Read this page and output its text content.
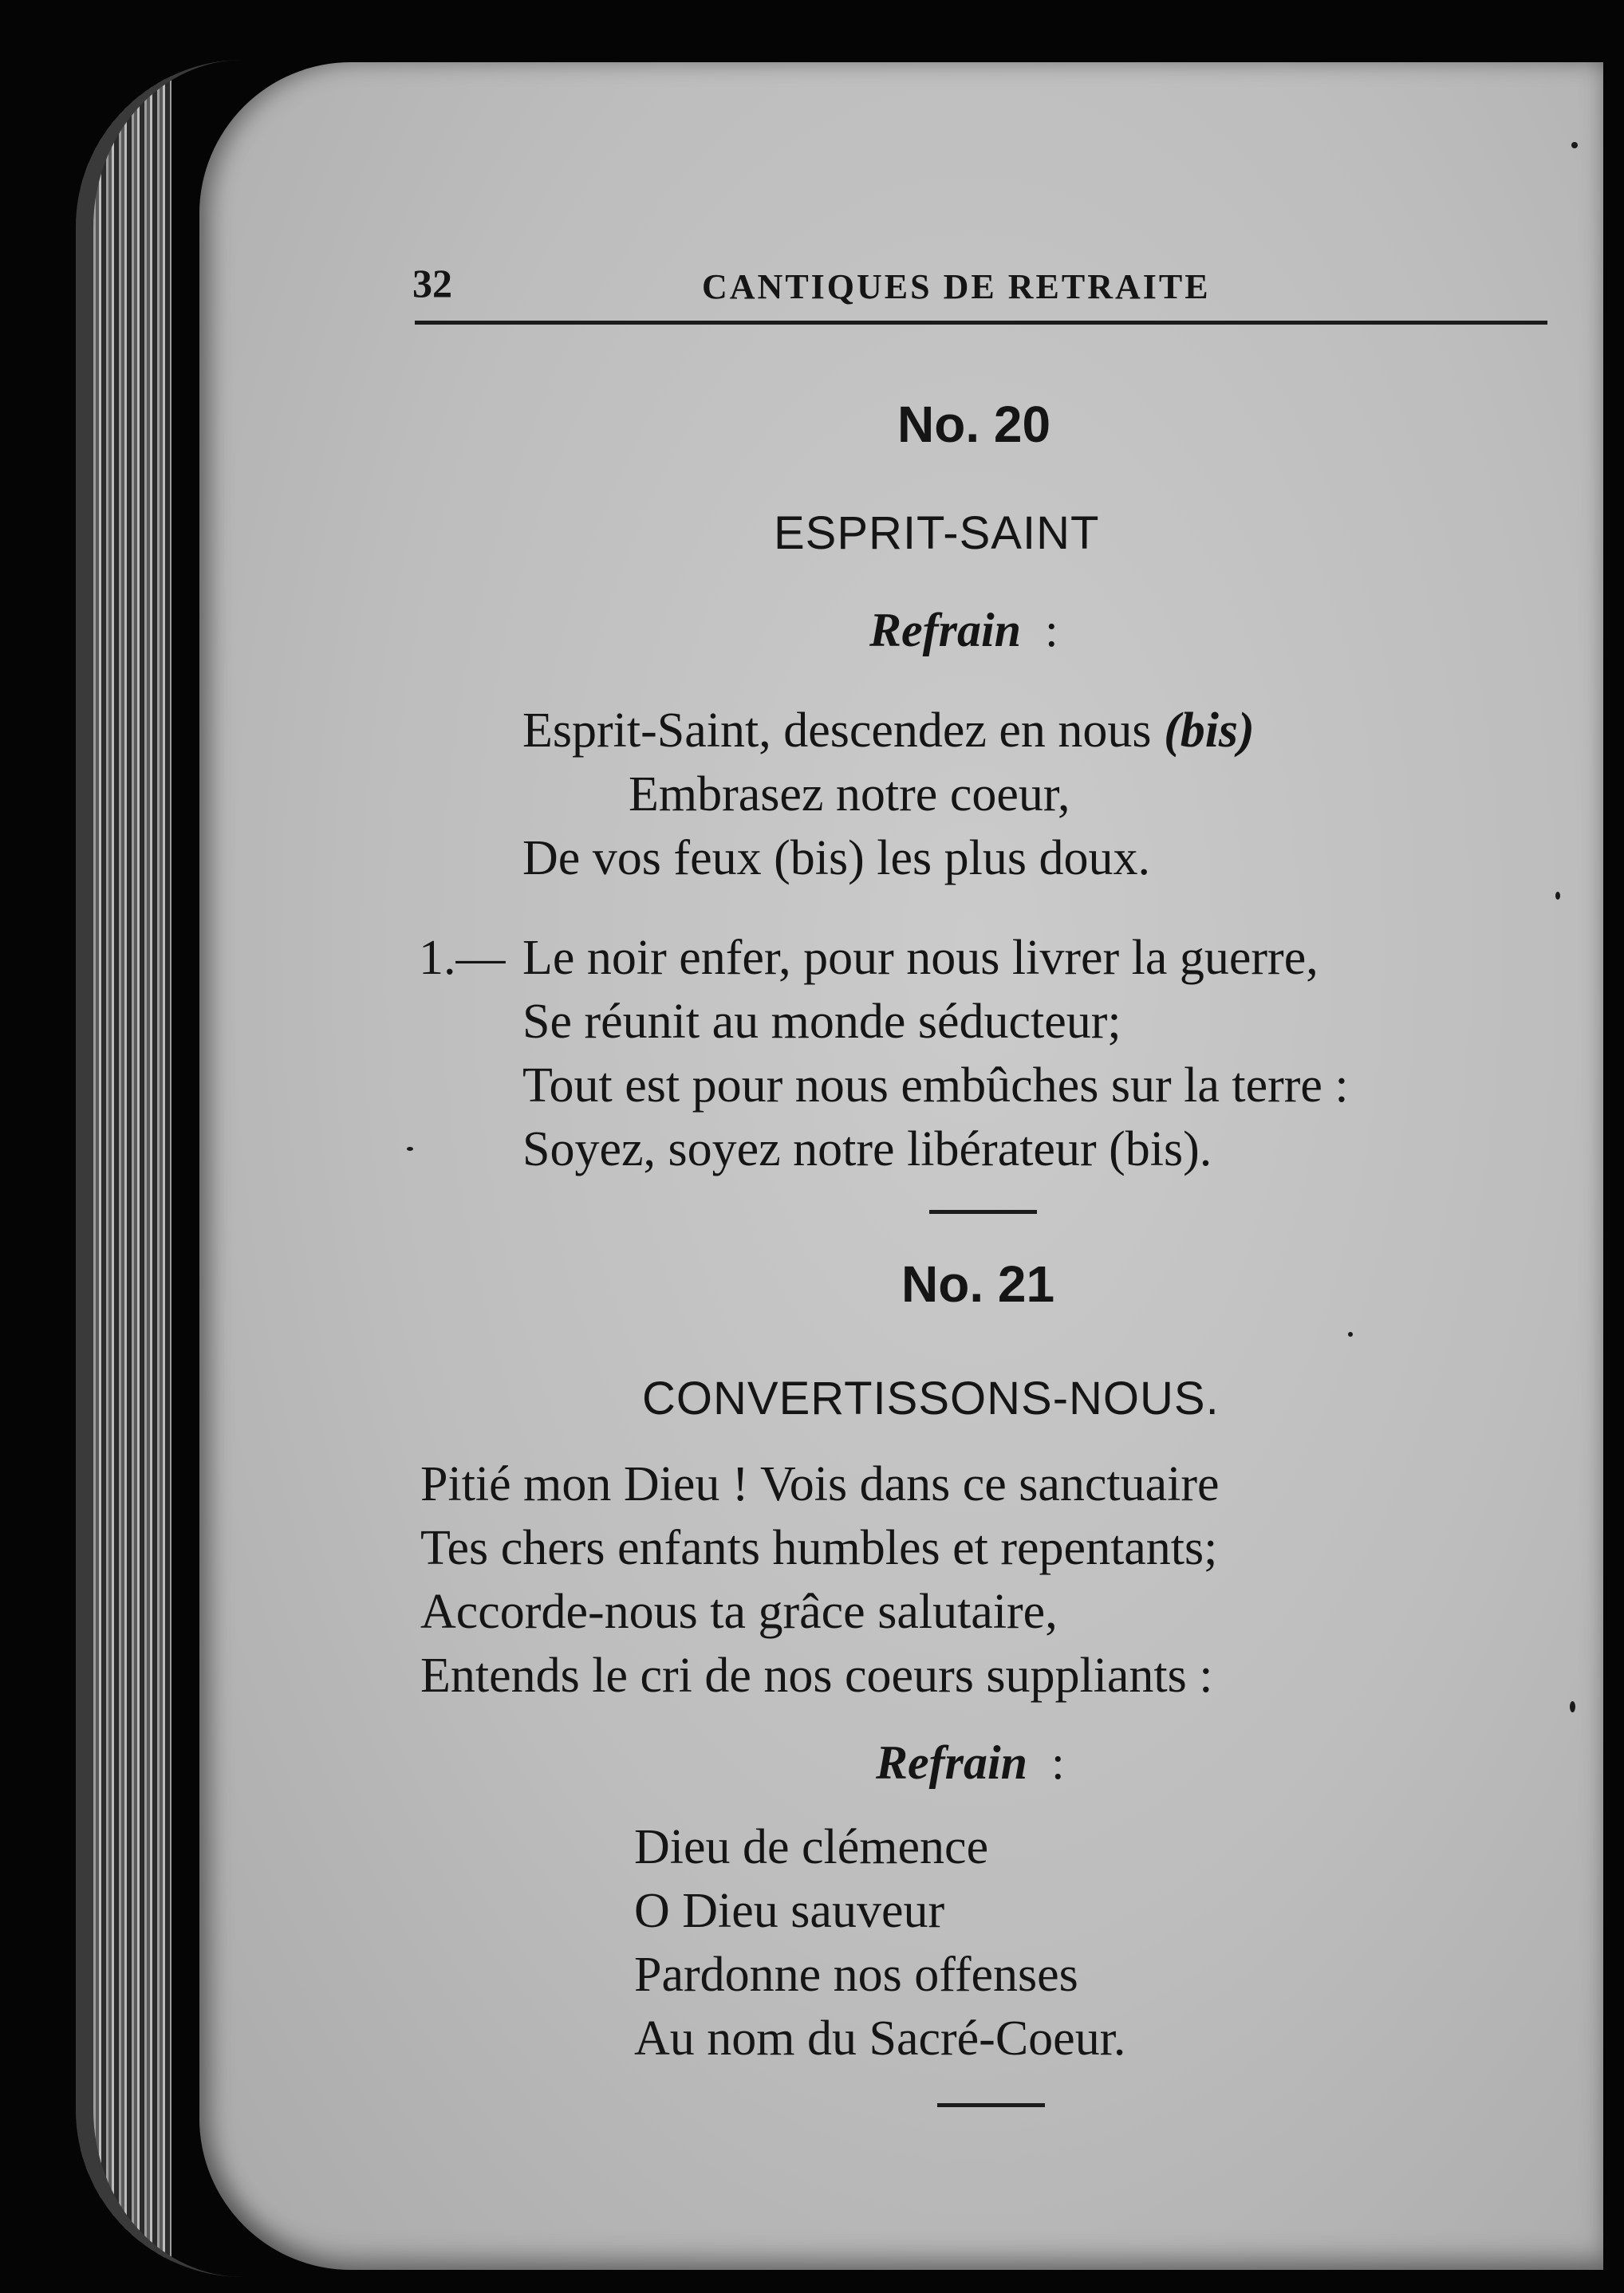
32	CANTIQUES DE RETRAITE
No. 20
ESPRIT-SAINT
Refrain :
Esprit-Saint, descendez en nous (bis)
Embrasez notre coeur,
De vos feux (bis) les plus doux.
1.— Le noir enfer, pour nous livrer la guerre,
Se réunit au monde séducteur;
Tout est pour nous embûches sur la terre :
Soyez, soyez notre libérateur (bis).
No. 21
CONVERTISSONS-NOUS.
Pitié mon Dieu ! Vois dans ce sanctuaire
Tes chers enfants humbles et repentants;
Accorde-nous ta grâce salutaire,
Entends le cri de nos coeurs suppliants :
Refrain :
Dieu de clémence
O Dieu sauveur
Pardonne nos offenses
Au nom du Sacré-Coeur.
